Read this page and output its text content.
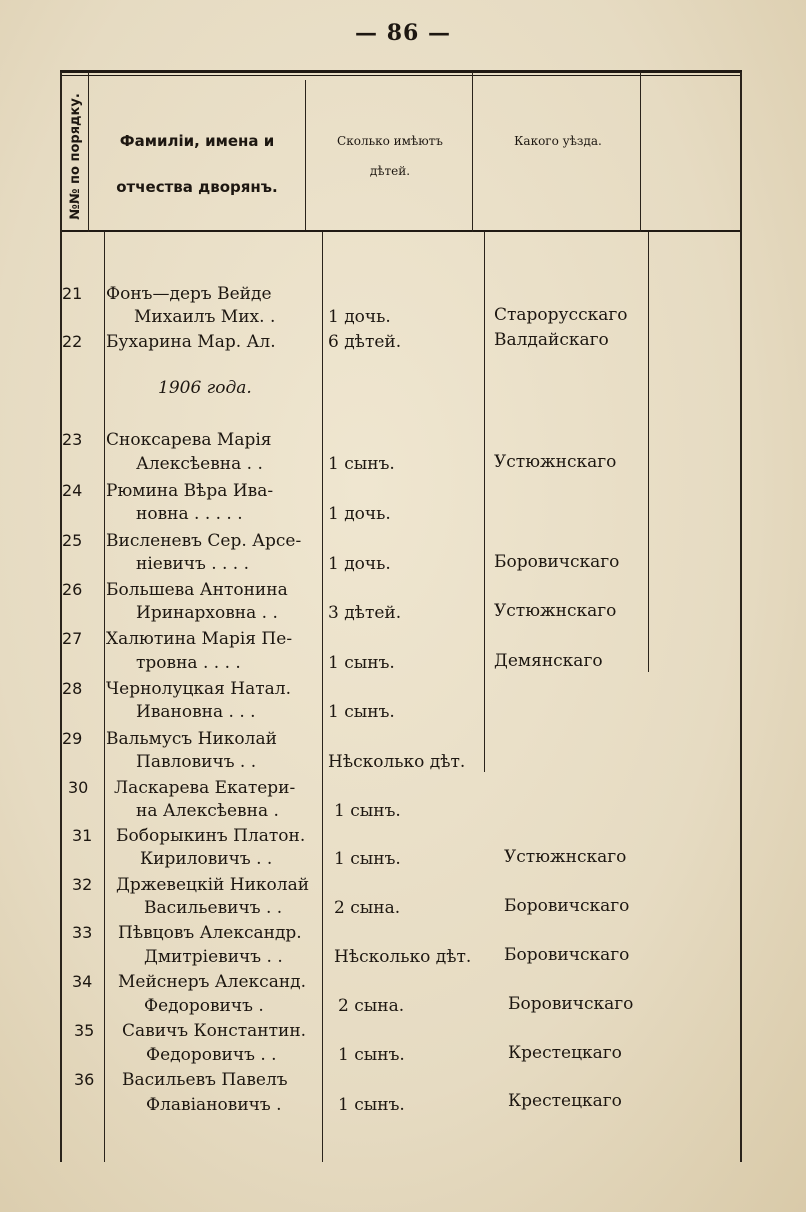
— 86 —
№№ по порядку.	Фамиліи, имена и
отчества дворянъ.
Сколько имѣютъ
дѣтей.
Какого уѣзда.
21	Фонъ—деръ Вейде
Михаилъ Мих. .	1 дочь.	Старорусскаго
22	Бухарина Мар. Ал.	6 дѣтей.	Валдайскаго
1906 года.
23	Сноксарева Марія
Алексѣевна . .	1 сынъ.	Устюжнскаго
24	Рюмина Вѣра Ива-
новна . . . . .	1 дочь.
25	Висленевъ Сер. Арсе-
ніевичъ . . . .	1 дочь.	Боровичскаго
26	Большева Антонина
Иринарховна . .	3 дѣтей.	Устюжнскаго
27	Халютина Марія Пе-
тровна . . . .	1 сынъ.	Демянскаго
28	Чернолуцкая Натал.
Ивановна . . .	1 сынъ.
29	Вальмусъ Николай
Павловичъ . .	Нѣсколько дѣт.
30	Ласкарева Екатери-
на Алексѣевна .	1 сынъ.
31	Боборыкинъ Платон.
Кириловичъ . .	1 сынъ.	Устюжнскаго
32	Држевецкій Николай
Васильевичъ . .	2 сына.	Боровичскаго
33	Пѣвцовъ Александр.
Дмитріевичъ . .	Нѣсколько дѣт. Боровичскаго
34	Мейснеръ Александ.
Федоровичъ .	2 сына.	Боровичскаго
35	Савичъ Константин.
Федоровичъ . .	1 сынъ.	Крестецкаго
36	Васильевъ Павелъ
Флавіановичъ .	1 сынъ.	Крестецкаго
